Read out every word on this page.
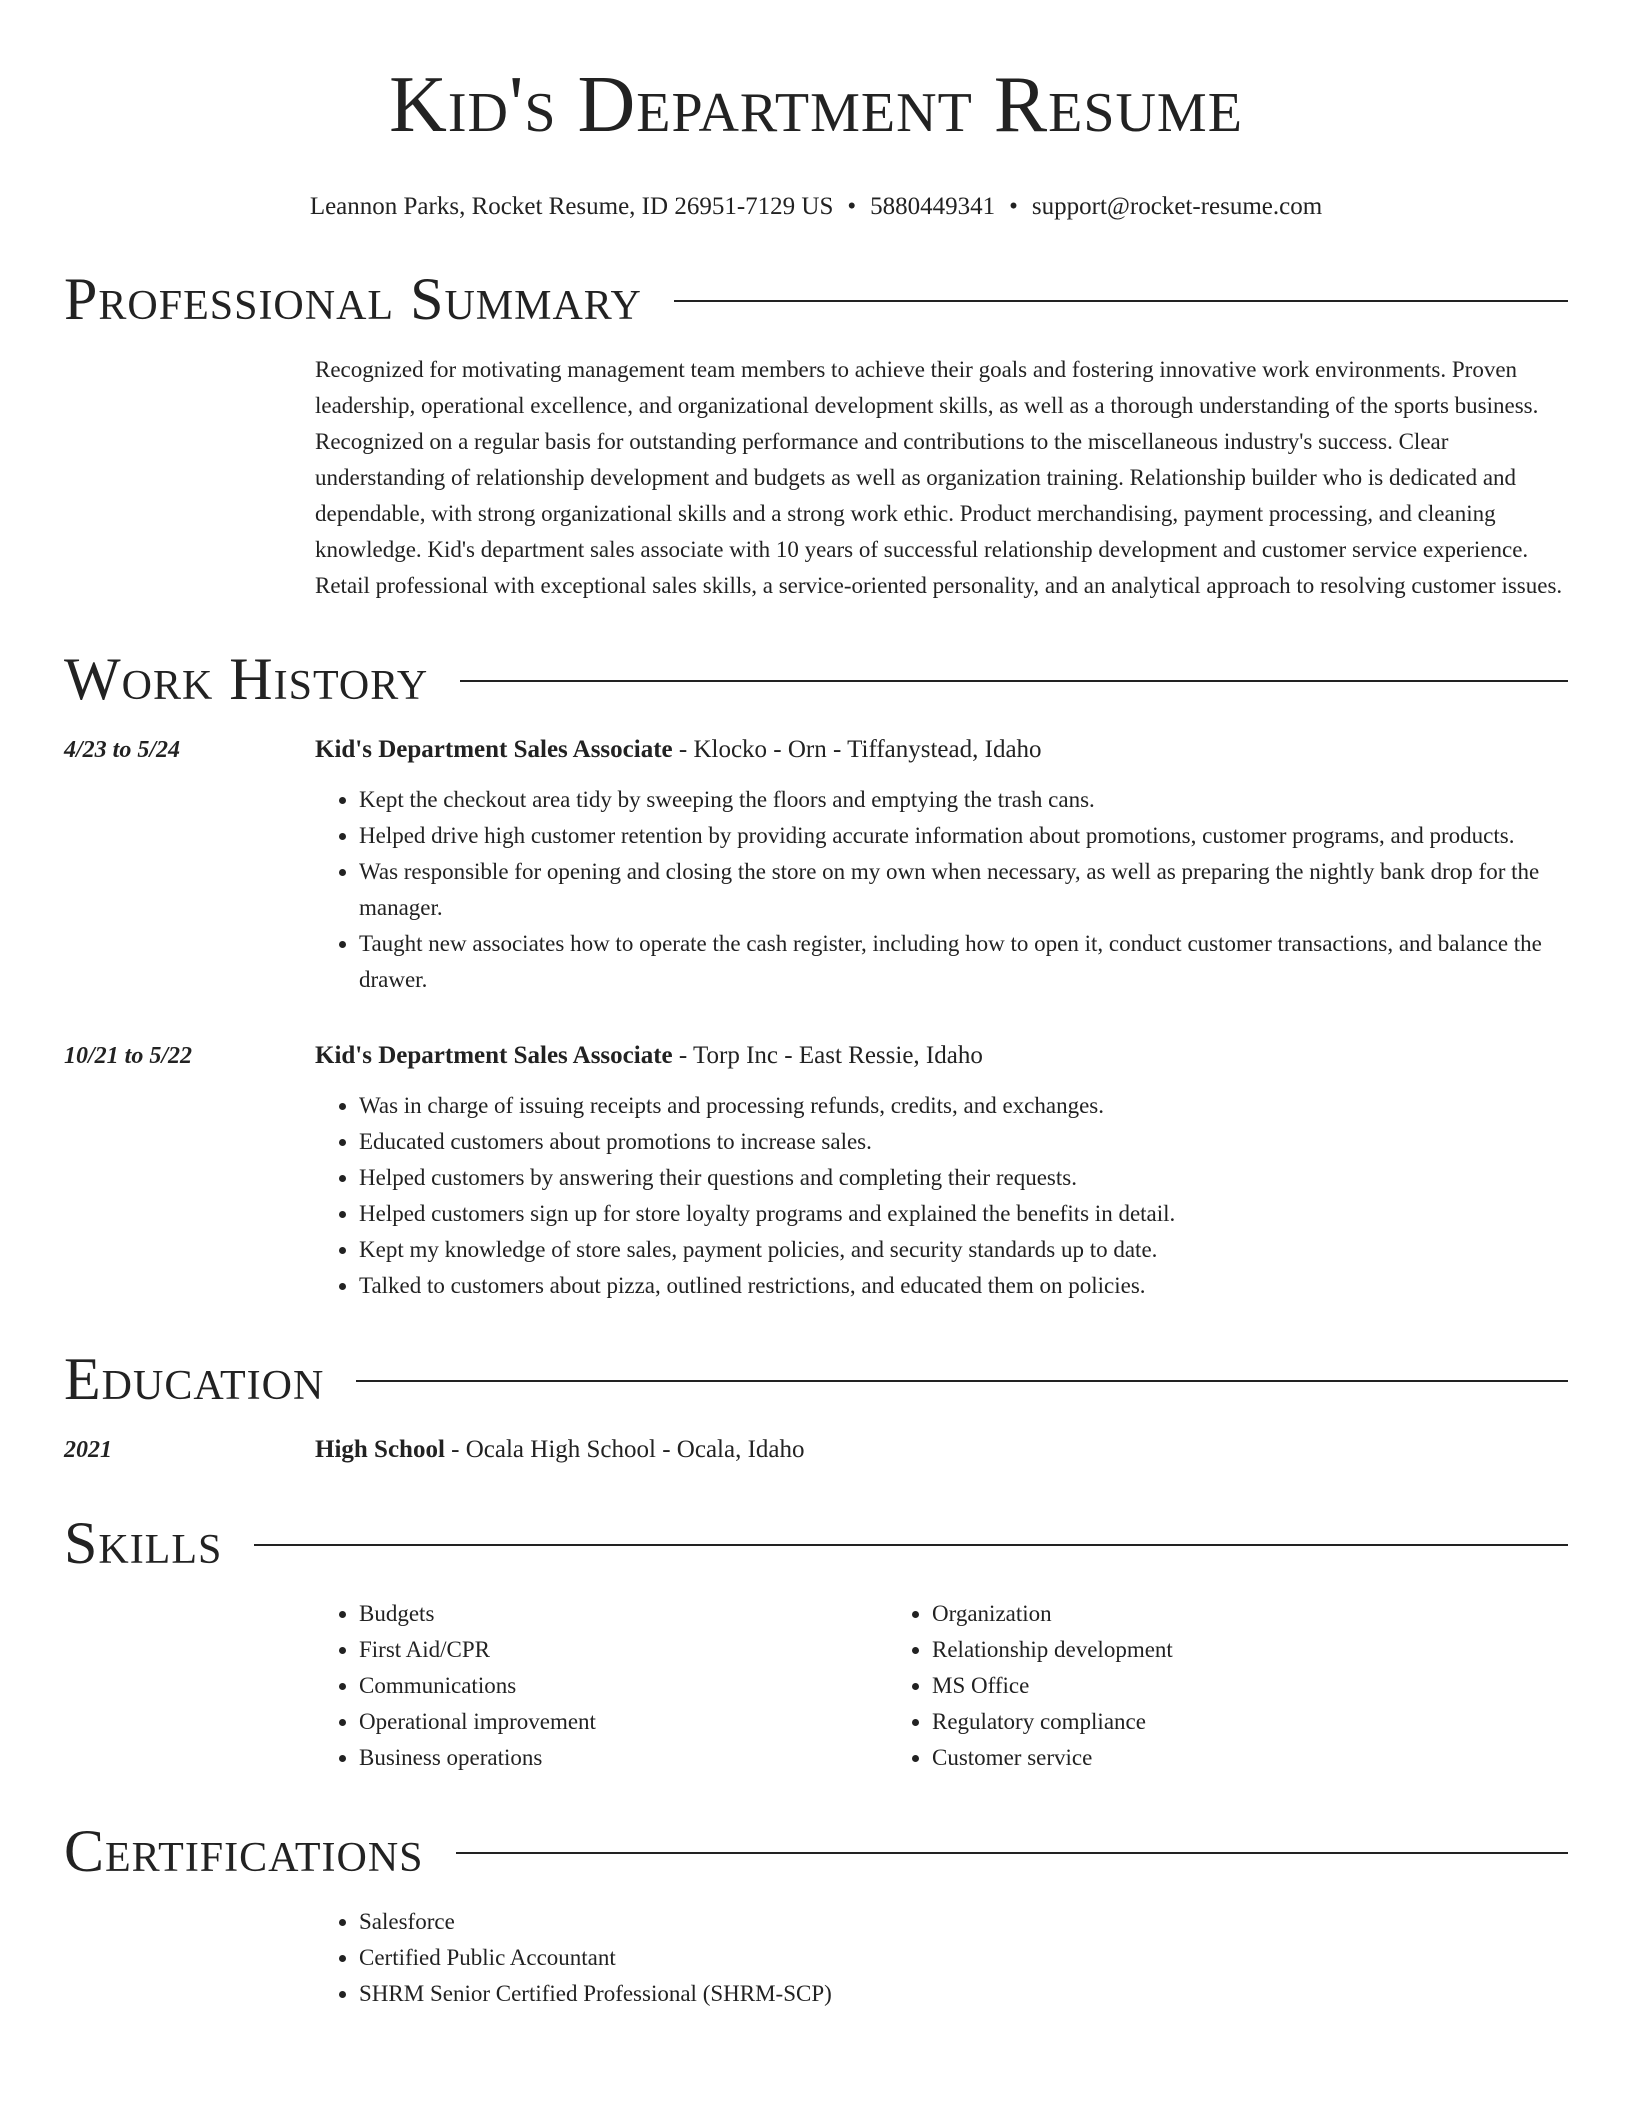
Kid's Department Resume
Leannon Parks, Rocket Resume, ID 26951-7129 US • 5880449341 • support@rocket-resume.com
Professional Summary
Recognized for motivating management team members to achieve their goals and fostering innovative work environments. Proven leadership, operational excellence, and organizational development skills, as well as a thorough understanding of the sports business. Recognized on a regular basis for outstanding performance and contributions to the miscellaneous industry's success. Clear understanding of relationship development and budgets as well as organization training. Relationship builder who is dedicated and dependable, with strong organizational skills and a strong work ethic. Product merchandising, payment processing, and cleaning knowledge. Kid's department sales associate with 10 years of successful relationship development and customer service experience. Retail professional with exceptional sales skills, a service-oriented personality, and an analytical approach to resolving customer issues.
Work History
4/23 to 5/24	Kid's Department Sales Associate - Klocko - Orn - Tiffanystead, Idaho
• Kept the checkout area tidy by sweeping the floors and emptying the trash cans.
• Helped drive high customer retention by providing accurate information about promotions, customer programs, and products.
• Was responsible for opening and closing the store on my own when necessary, as well as preparing the nightly bank drop for the manager.
• Taught new associates how to operate the cash register, including how to open it, conduct customer transactions, and balance the drawer.
10/21 to 5/22	Kid's Department Sales Associate - Torp Inc - East Ressie, Idaho
• Was in charge of issuing receipts and processing refunds, credits, and exchanges.
• Educated customers about promotions to increase sales.
• Helped customers by answering their questions and completing their requests.
• Helped customers sign up for store loyalty programs and explained the benefits in detail.
• Kept my knowledge of store sales, payment policies, and security standards up to date.
• Talked to customers about pizza, outlined restrictions, and educated them on policies.
Education
2021	High School - Ocala High School - Ocala, Idaho
Skills
• Budgets
• First Aid/CPR
• Communications
• Operational improvement
• Business operations
• Organization
• Relationship development
• MS Office
• Regulatory compliance
• Customer service
Certifications
• Salesforce
• Certified Public Accountant
• SHRM Senior Certified Professional (SHRM-SCP)
